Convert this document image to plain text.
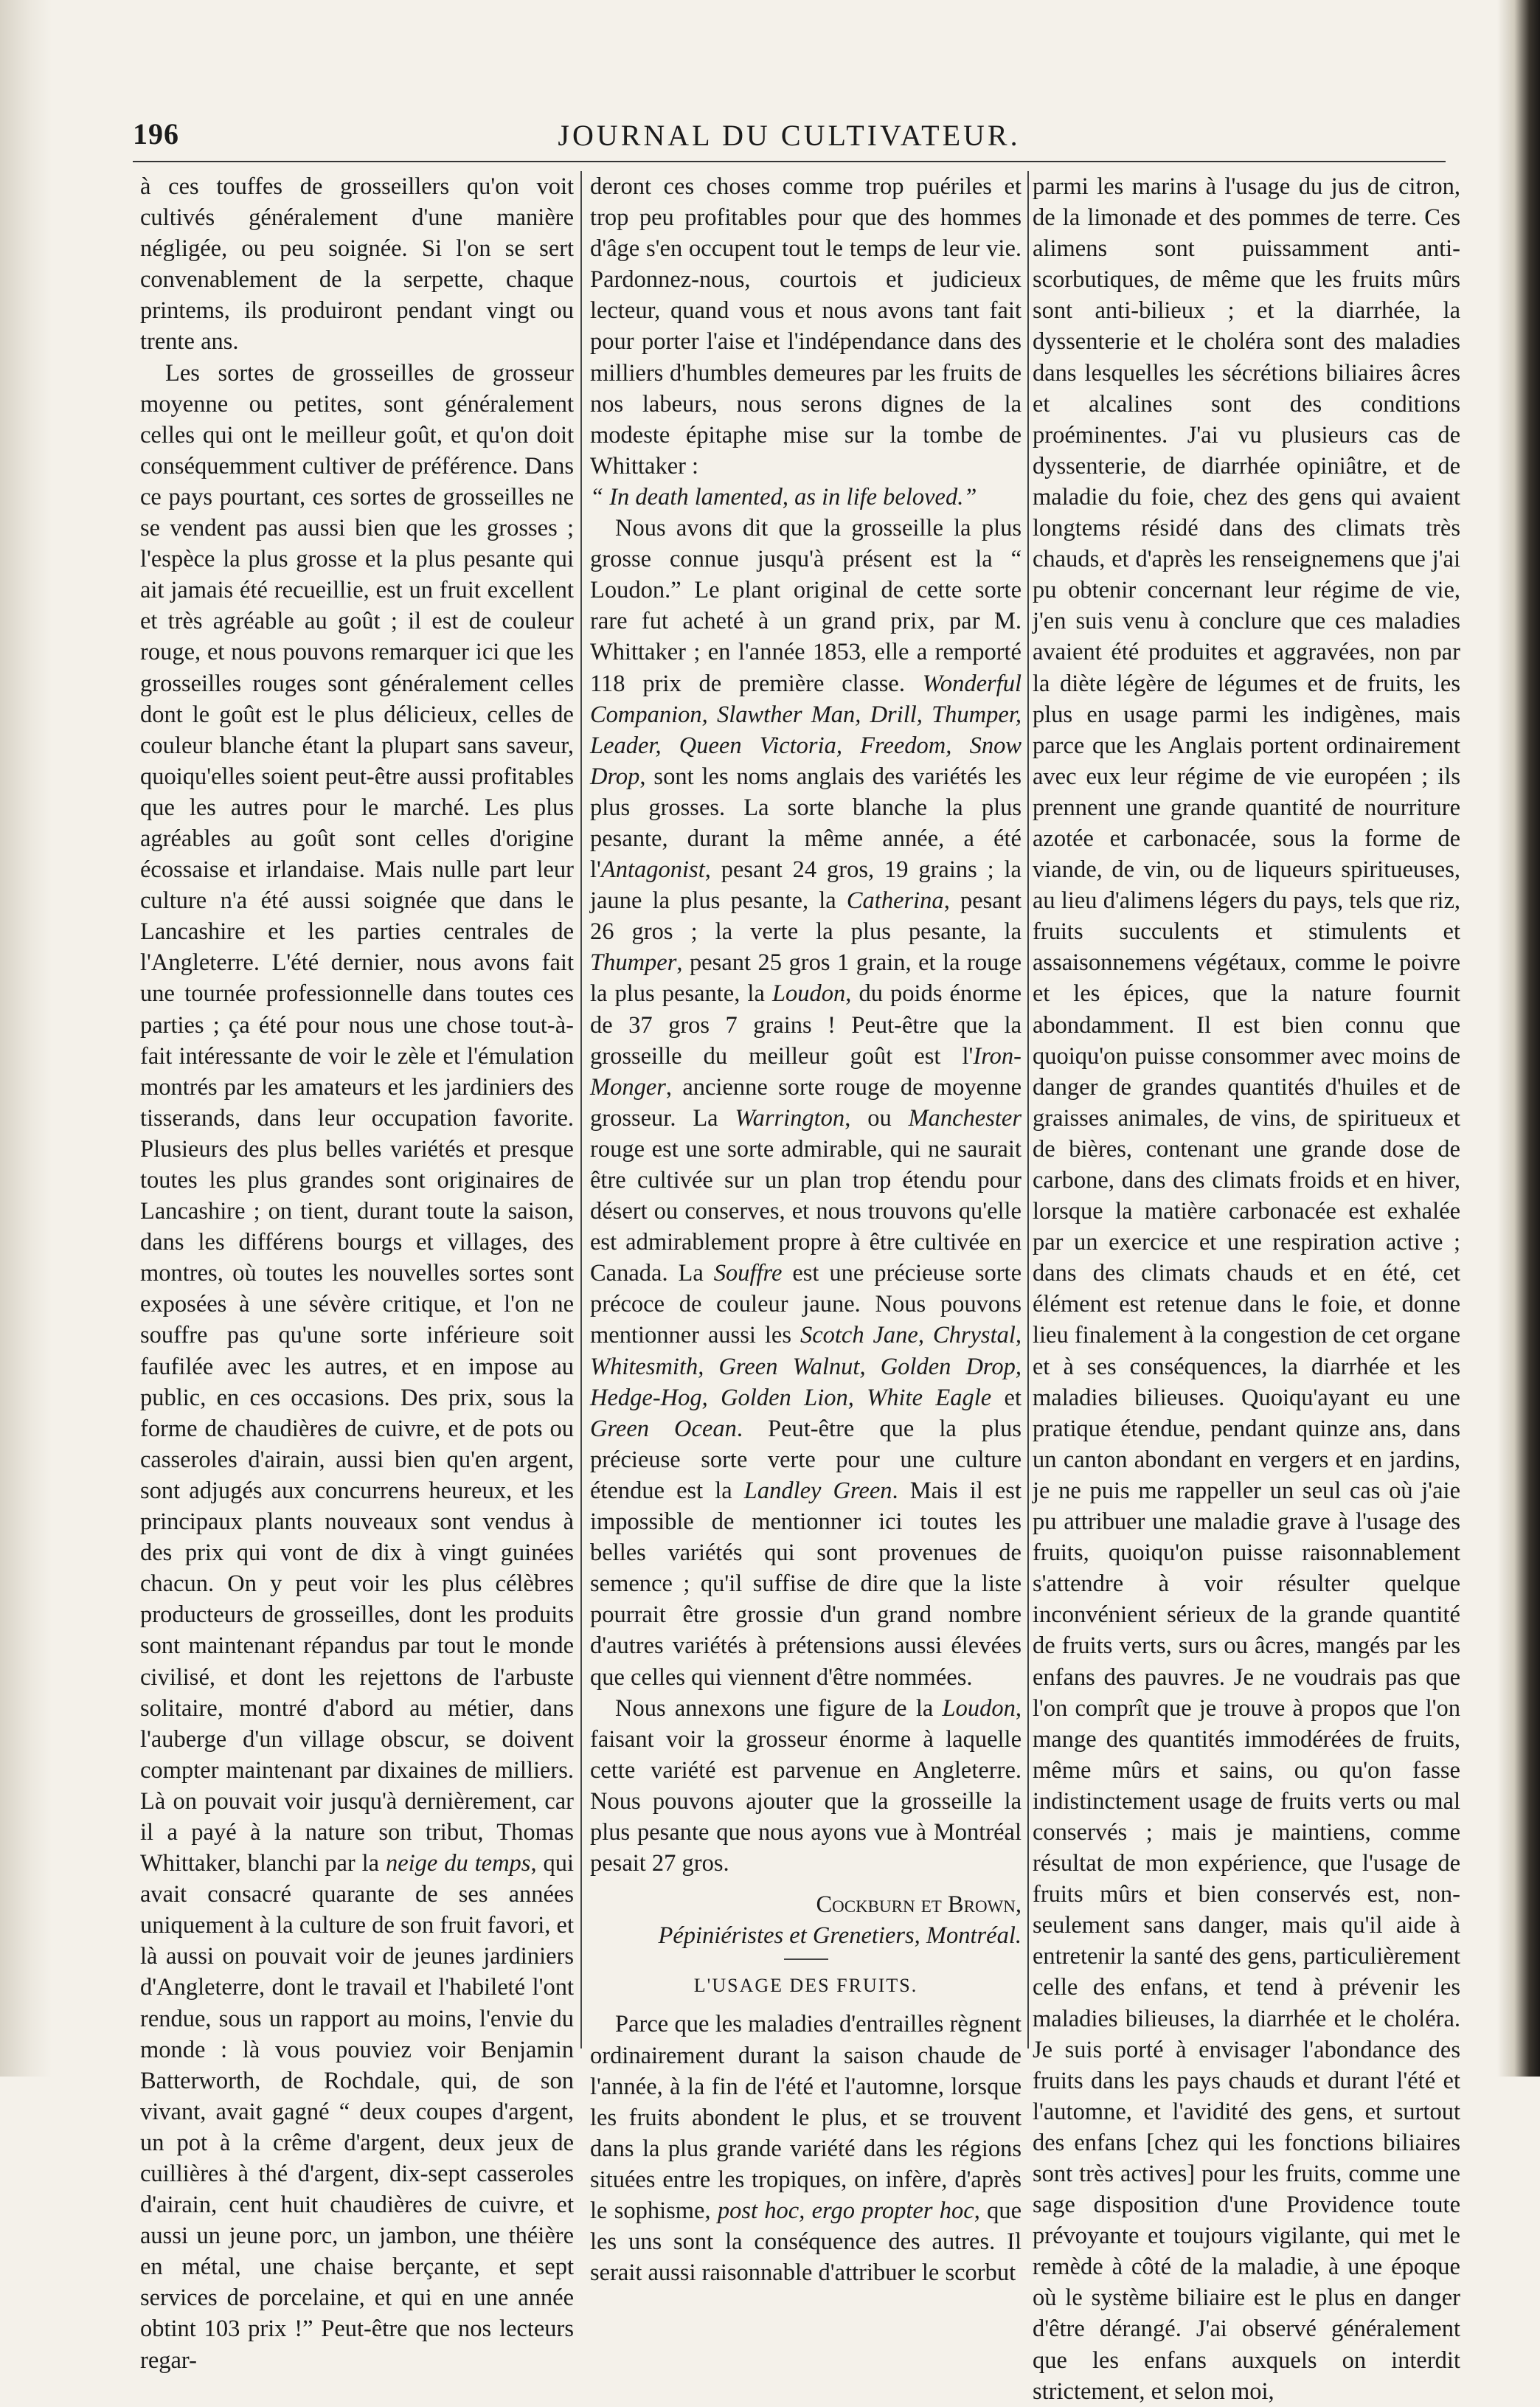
196	JOURNAL DU CULTIVATEUR.

à ces touffes de grosseillers qu'on voit cultivés généralement d'une manière négligée, ou peu soignée. Si l'on se sert convenablement de la serpette, chaque printems, ils produiront pendant vingt ou trente ans.

Les sortes de grosseilles de grosseur moyenne ou petites, sont généralement celles qui ont le meilleur goût, et qu'on doit conséquemment cultiver de préférence. Dans ce pays pourtant, ces sortes de grosseilles ne se vendent pas aussi bien que les grosses ; l'espèce la plus grosse et la plus pesante qui ait jamais été recueillie, est un fruit excellent et très agréable au goût ; il est de couleur rouge, et nous pouvons remarquer ici que les grosseilles rouges sont généralement celles dont le goût est le plus délicieux, celles de couleur blanche étant la plupart sans saveur, quoiqu'elles soient peut-être aussi profitables que les autres pour le marché. Les plus agréables au goût sont celles d'origine écossaise et irlandaise. Mais nulle part leur culture n'a été aussi soignée que dans le Lancashire et les parties centrales de l'Angleterre. L'été dernier, nous avons fait une tournée professionnelle dans toutes ces parties ; ça été pour nous une chose tout-à-fait intéressante de voir le zèle et l'émulation montrés par les amateurs et les jardiniers des tisserands, dans leur occupation favorite. Plusieurs des plus belles variétés et presque toutes les plus grandes sont originaires de Lancashire ; on tient, durant toute la saison, dans les différens bourgs et villages, des montres, où toutes les nouvelles sortes sont exposées à une sévère critique, et l'on ne souffre pas qu'une sorte inférieure soit faufilée avec les autres, et en impose au public, en ces occasions. Des prix, sous la forme de chaudières de cuivre, et de pots ou casseroles d'airain, aussi bien qu'en argent, sont adjugés aux concurrens heureux, et les principaux plants nouveaux sont vendus à des prix qui vont de dix à vingt guinées chacun. On y peut voir les plus célèbres producteurs de grosseilles, dont les produits sont maintenant répandus par tout le monde civilisé, et dont les rejettons de l'arbuste solitaire, montré d'abord au métier, dans l'auberge d'un village obscur, se doivent compter maintenant par dixaines de milliers. Là on pouvait voir jusqu'à dernièrement, car il a payé à la nature son tribut, Thomas Whittaker, blanchi par la neige du temps, qui avait consacré quarante de ses années uniquement à la culture de son fruit favori, et là aussi on pouvait voir de jeunes jardiniers d'Angleterre, dont le travail et l'habileté l'ont rendue, sous un rapport au moins, l'envie du monde : là vous pouviez voir Benjamin Batterworth, de Rochdale, qui, de son vivant, avait gagné “ deux coupes d'argent, un pot à la crême d'argent, deux jeux de cuillières à thé d'argent, dix-sept casseroles d'airain, cent huit chaudières de cuivre, et aussi un jeune porc, un jambon, une théière en métal, une chaise berçante, et sept services de porcelaine, et qui en une année obtint 103 prix !” Peut-être que nos lecteurs regar-

deront ces choses comme trop puériles et trop peu profitables pour que des hommes d'âge s'en occupent tout le temps de leur vie. Pardonnez-nous, courtois et judicieux lecteur, quand vous et nous avons tant fait pour porter l'aise et l'indépendance dans des milliers d'humbles demeures par les fruits de nos labeurs, nous serons dignes de la modeste épitaphe mise sur la tombe de Whittaker :

“ In death lamented, as in life beloved.”

Nous avons dit que la grosseille la plus grosse connue jusqu'à présent est la “ Loudon.” Le plant original de cette sorte rare fut acheté à un grand prix, par M. Whittaker ; en l'année 1853, elle a remporté 118 prix de première classe. Wonderful Companion, Slawther Man, Drill, Thumper, Leader, Queen Victoria, Freedom, Snow Drop, sont les noms anglais des variétés les plus grosses. La sorte blanche la plus pesante, durant la même année, a été l'Antagonist, pesant 24 gros, 19 grains ; la jaune la plus pesante, la Catherina, pesant 26 gros ; la verte la plus pesante, la Thumper, pesant 25 gros 1 grain, et la rouge la plus pesante, la Loudon, du poids énorme de 37 gros 7 grains ! Peut-être que la grosseille du meilleur goût est l'Iron-Monger, ancienne sorte rouge de moyenne grosseur. La Warrington, ou Manchester rouge est une sorte admirable, qui ne saurait être cultivée sur un plan trop étendu pour désert ou conserves, et nous trouvons qu'elle est admirablement propre à être cultivée en Canada. La Souffre est une précieuse sorte précoce de couleur jaune. Nous pouvons mentionner aussi les Scotch Jane, Chrystal, Whitesmith, Green Walnut, Golden Drop, Hedge-Hog, Golden Lion, White Eagle et Green Ocean. Peut-être que la plus précieuse sorte verte pour une culture étendue est la Landley Green. Mais il est impossible de mentionner ici toutes les belles variétés qui sont provenues de semence ; qu'il suffise de dire que la liste pourrait être grossie d'un grand nombre d'autres variétés à prétensions aussi élevées que celles qui viennent d'être nommées.

Nous annexons une figure de la Loudon, faisant voir la grosseur énorme à laquelle cette variété est parvenue en Angleterre. Nous pouvons ajouter que la grosseille la plus pesante que nous ayons vue à Montréal pesait 27 gros.

Cockburn et Brown,

Pépiniéristes et Grenetiers, Montréal.

L'USAGE DES FRUITS.

Parce que les maladies d'entrailles règnent ordinairement durant la saison chaude de l'année, à la fin de l'été et l'automne, lorsque les fruits abondent le plus, et se trouvent dans la plus grande variété dans les régions situées entre les tropiques, on infère, d'après le sophisme, post hoc, ergo propter hoc, que les uns sont la conséquence des autres. Il serait aussi raisonnable d'attribuer le scorbut

parmi les marins à l'usage du jus de citron, de la limonade et des pommes de terre. Ces alimens sont puissamment anti-scorbutiques, de même que les fruits mûrs sont anti-bilieux ; et la diarrhée, la dyssenterie et le choléra sont des maladies dans lesquelles les sécrétions biliaires âcres et alcalines sont des conditions proéminentes. J'ai vu plusieurs cas de dyssenterie, de diarrhée opiniâtre, et de maladie du foie, chez des gens qui avaient longtems résidé dans des climats très chauds, et d'après les renseignemens que j'ai pu obtenir concernant leur régime de vie, j'en suis venu à conclure que ces maladies avaient été produites et aggravées, non par la diète légère de légumes et de fruits, les plus en usage parmi les indigènes, mais parce que les Anglais portent ordinairement avec eux leur régime de vie européen ; ils prennent une grande quantité de nourriture azotée et carbonacée, sous la forme de viande, de vin, ou de liqueurs spiritueuses, au lieu d'alimens légers du pays, tels que riz, fruits succulents et stimulents et assaisonnemens végétaux, comme le poivre et les épices, que la nature fournit abondamment. Il est bien connu que quoiqu'on puisse consommer avec moins de danger de grandes quantités d'huiles et de graisses animales, de vins, de spiritueux et de bières, contenant une grande dose de carbone, dans des climats froids et en hiver, lorsque la matière carbonacée est exhalée par un exercice et une respiration active ; dans des climats chauds et en été, cet élément est retenue dans le foie, et donne lieu finalement à la congestion de cet organe et à ses conséquences, la diarrhée et les maladies bilieuses. Quoiqu'ayant eu une pratique étendue, pendant quinze ans, dans un canton abondant en vergers et en jardins, je ne puis me rappeller un seul cas où j'aie pu attribuer une maladie grave à l'usage des fruits, quoiqu'on puisse raisonnablement s'attendre à voir résulter quelque inconvénient sérieux de la grande quantité de fruits verts, surs ou âcres, mangés par les enfans des pauvres. Je ne voudrais pas que l'on comprît que je trouve à propos que l'on mange des quantités immodérées de fruits, même mûrs et sains, ou qu'on fasse indistinctement usage de fruits verts ou mal conservés ; mais je maintiens, comme résultat de mon expérience, que l'usage de fruits mûrs et bien conservés est, non-seulement sans danger, mais qu'il aide à entretenir la santé des gens, particulièrement celle des enfans, et tend à prévenir les maladies bilieuses, la diarrhée et le choléra. Je suis porté à envisager l'abondance des fruits dans les pays chauds et durant l'été et l'automne, et l'avidité des gens, et surtout des enfans [chez qui les fonctions biliaires sont très actives] pour les fruits, comme une sage disposition d'une Providence toute prévoyante et toujours vigilante, qui met le remède à côté de la maladie, à une époque où le système biliaire est le plus en danger d'être dérangé. J'ai observé généralement que les enfans auxquels on interdit strictement, et selon moi,
